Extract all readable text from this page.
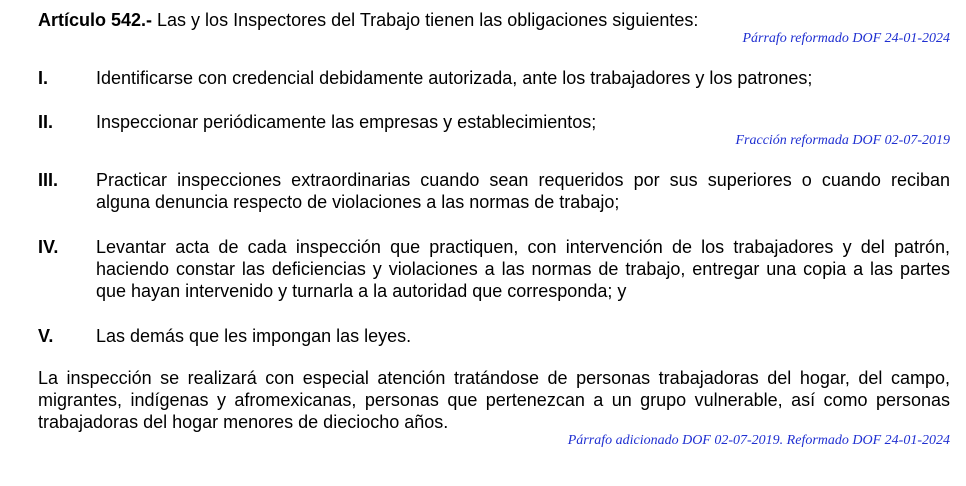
Artículo 542.- Las y los Inspectores del Trabajo tienen las obligaciones siguientes:

Párrafo reformado DOF 24-01-2024

I.	Identificarse con credencial debidamente autorizada, ante los trabajadores y los patrones;
II.	Inspeccionar periódicamente las empresas y establecimientos;

Fracción reformada DOF 02-07-2019

III.	Practicar inspecciones extraordinarias cuando sean requeridos por sus superiores o cuando reciban alguna denuncia respecto de violaciones a las normas de trabajo;
IV.	Levantar acta de cada inspección que practiquen, con intervención de los trabajadores y del patrón, haciendo constar las deficiencias y violaciones a las normas de trabajo, entregar una copia a las partes que hayan intervenido y turnarla a la autoridad que corresponda; y
V.	Las demás que les impongan las leyes.

La inspección se realizará con especial atención tratándose de personas trabajadoras del hogar, del campo, migrantes, indígenas y afromexicanas, personas que pertenezcan a un grupo vulnerable, así como personas trabajadoras del hogar menores de dieciocho años.

Párrafo adicionado DOF 02-07-2019. Reformado DOF 24-01-2024
